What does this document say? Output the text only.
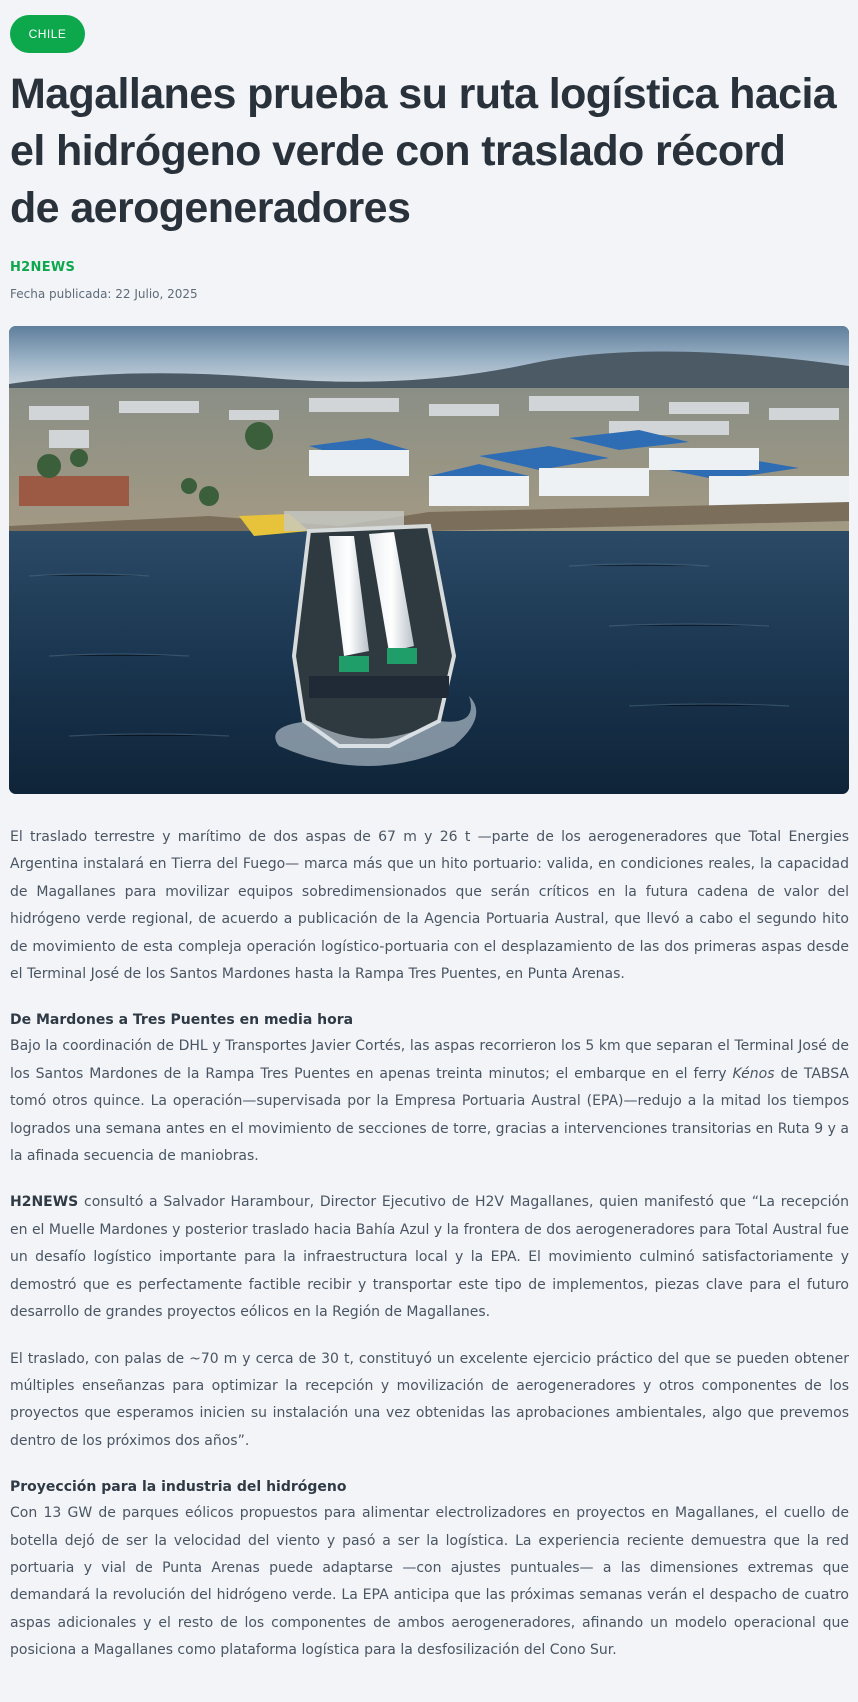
CHILE
Magallanes prueba su ruta logística hacia el hidrógeno verde con traslado récord de aerogeneradores
H2NEWS
Fecha publicada: 22 Julio, 2025

El traslado terrestre y marítimo de dos aspas de 67 m y 26 t —parte de los aerogeneradores que Total Energies Argentina instalará en Tierra del Fuego— marca más que un hito portuario: valida, en condiciones reales, la capacidad de Magallanes para movilizar equipos sobredimensionados que serán críticos en la futura cadena de valor del hidrógeno verde regional, de acuerdo a publicación de la Agencia Portuaria Austral, que llevó a cabo el segundo hito de movimiento de esta compleja operación logístico-portuaria con el desplazamiento de las dos primeras aspas desde el Terminal José de los Santos Mardones hasta la Rampa Tres Puentes, en Punta Arenas.

De Mardones a Tres Puentes en media hora

Bajo la coordinación de DHL y Transportes Javier Cortés, las aspas recorrieron los 5 km que separan el Terminal José de los Santos Mardones de la Rampa Tres Puentes en apenas treinta minutos; el embarque en el ferry Kénos de TABSA tomó otros quince. La operación—supervisada por la Empresa Portuaria Austral (EPA)—redujo a la mitad los tiempos logrados una semana antes en el movimiento de secciones de torre, gracias a intervenciones transitorias en Ruta 9 y a la afinada secuencia de maniobras.

H2NEWS consultó a Salvador Harambour, Director Ejecutivo de H2V Magallanes, quien manifestó que “La recepción en el Muelle Mardones y posterior traslado hacia Bahía Azul y la frontera de dos aerogeneradores para Total Austral fue un desafío logístico importante para la infraestructura local y la EPA. El movimiento culminó satisfactoriamente y demostró que es perfectamente factible recibir y transportar este tipo de implementos, piezas clave para el futuro desarrollo de grandes proyectos eólicos en la Región de Magallanes.

El traslado, con palas de ~70 m y cerca de 30 t, constituyó un excelente ejercicio práctico del que se pueden obtener múltiples enseñanzas para optimizar la recepción y movilización de aerogeneradores y otros componentes de los proyectos que esperamos inicien su instalación una vez obtenidas las aprobaciones ambientales, algo que prevemos dentro de los próximos dos años”.

Proyección para la industria del hidrógeno

Con 13 GW de parques eólicos propuestos para alimentar electrolizadores en proyectos en Magallanes, el cuello de botella dejó de ser la velocidad del viento y pasó a ser la logística. La experiencia reciente demuestra que la red portuaria y vial de Punta Arenas puede adaptarse —con ajustes puntuales— a las dimensiones extremas que demandará la revolución del hidrógeno verde. La EPA anticipa que las próximas semanas verán el despacho de cuatro aspas adicionales y el resto de los componentes de ambos aerogeneradores, afinando un modelo operacional que posiciona a Magallanes como plataforma logística para la desfosilización del Cono Sur.
